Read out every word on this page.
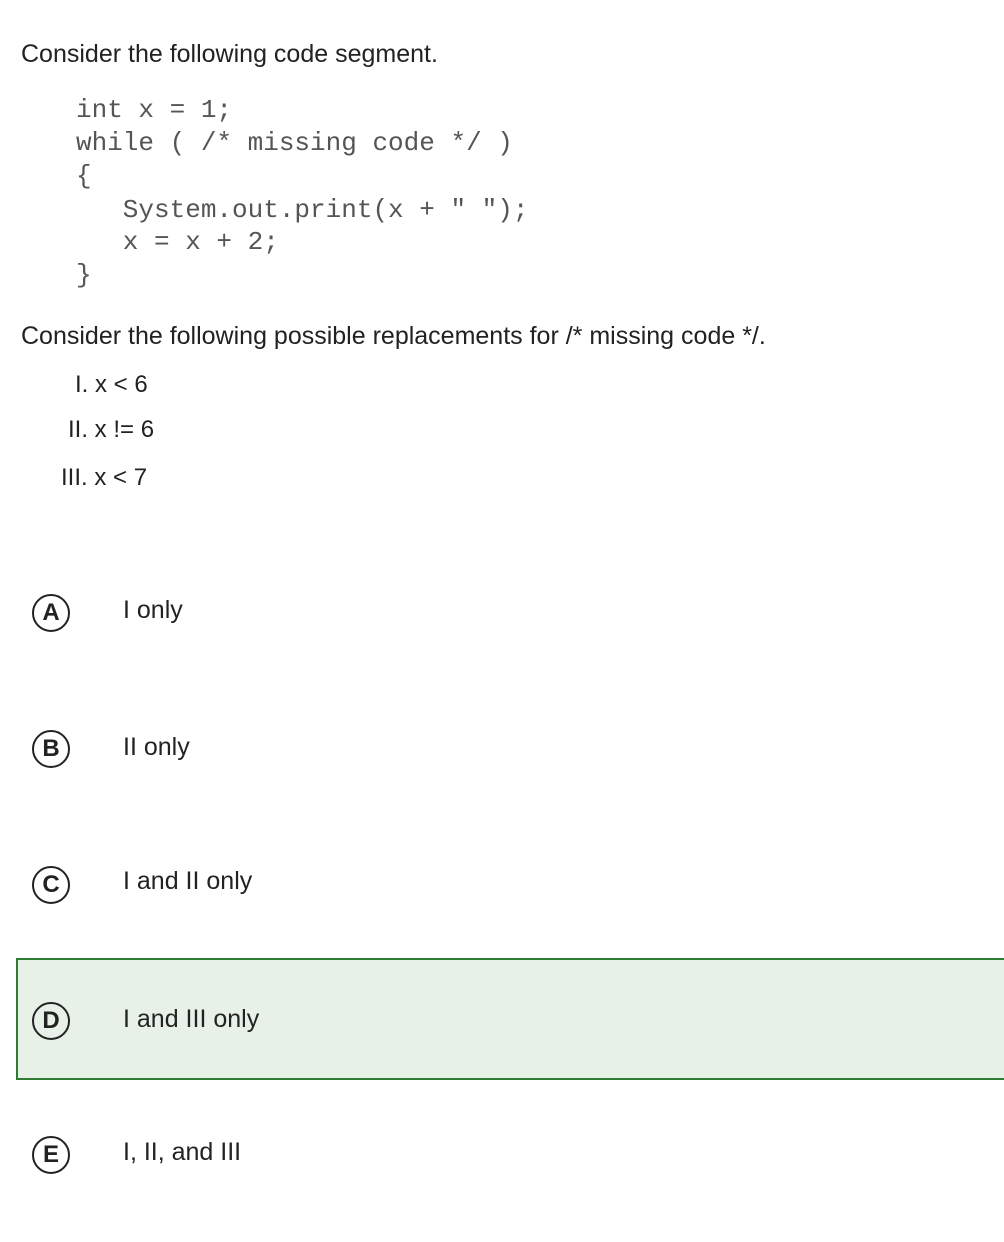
Consider the following code segment.

int x = 1;
while ( /* missing code */ )
{
System.out.print(x + " ");
x = x + 2;
}

Consider the following possible replacements for /* missing code */.

I. x < 6
II. x != 6
III. x < 7
A	I only
B	II only
C	I and II only
D	I and III only
E	I, II, and III
